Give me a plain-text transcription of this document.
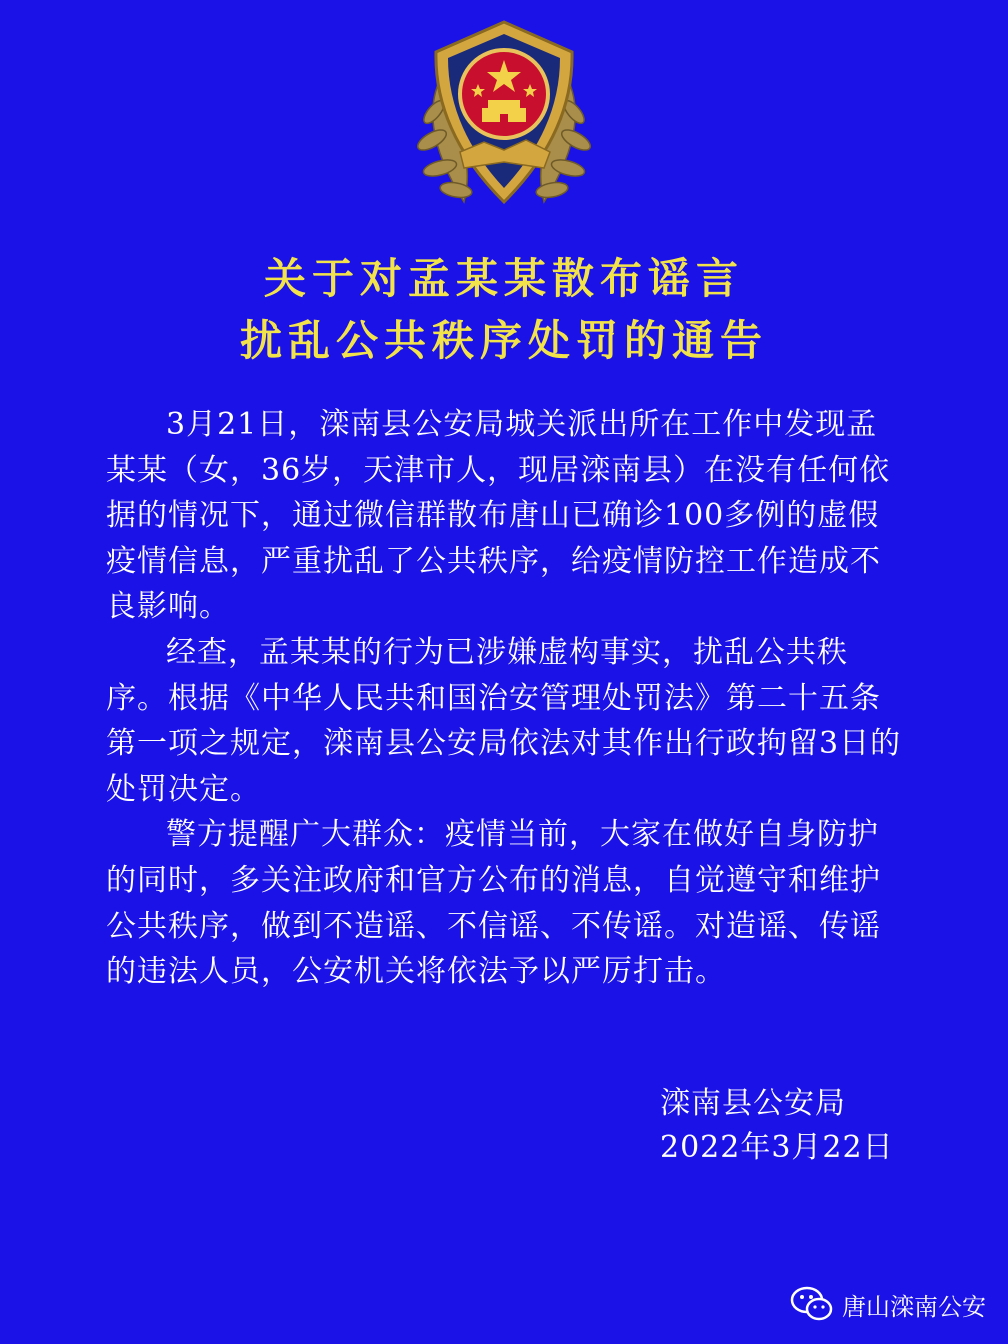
关于对孟某某散布谣言
扰乱公共秩序处罚的通告

3月21日，滦南县公安局城关派出所在工作中发现孟某某（女，36岁，天津市人，现居滦南县）在没有任何依据的情况下，通过微信群散布唐山已确诊100多例的虚假疫情信息，严重扰乱了公共秩序，给疫情防控工作造成不良影响。

经查，孟某某的行为已涉嫌虚构事实，扰乱公共秩序。根据《中华人民共和国治安管理处罚法》第二十五条第一项之规定，滦南县公安局依法对其作出行政拘留3日的处罚决定。

警方提醒广大群众：疫情当前，大家在做好自身防护的同时，多关注政府和官方公布的消息，自觉遵守和维护公共秩序，做到不造谣、不信谣、不传谣。对造谣、传谣的违法人员，公安机关将依法予以严厉打击。

滦南县公安局
2022年3月22日
唐山滦南公安
